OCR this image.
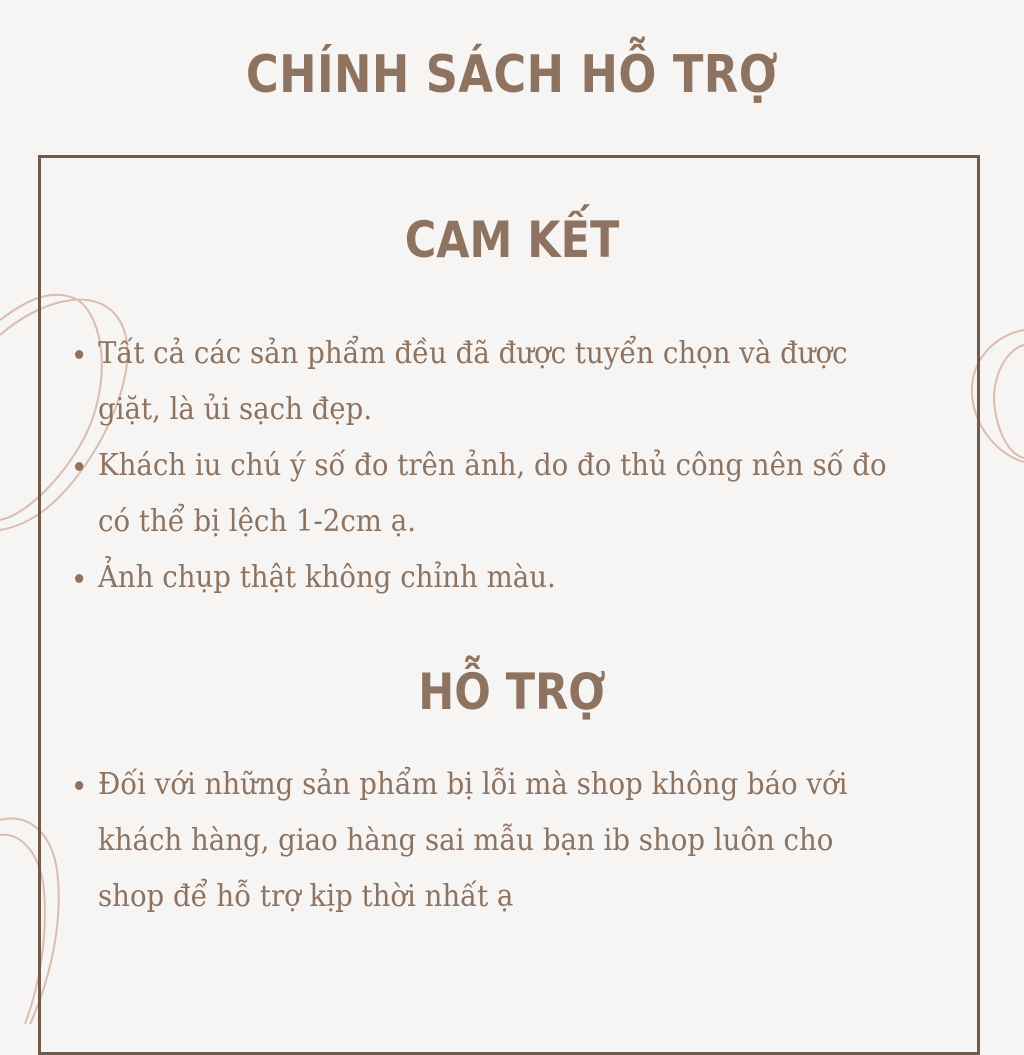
CHÍNH SÁCH HỖ TRỢ
CAM KẾT
Tất cả các sản phẩm đều đã được tuyển chọn và được giặt, là ủi sạch đẹp.
Khách iu chú ý số đo trên ảnh, do đo thủ công nên số đo có thể bị lệch 1-2cm ạ.
Ảnh chụp thật không chỉnh màu.
HỖ TRỢ
Đối với những sản phẩm bị lỗi mà shop không báo với khách hàng, giao hàng sai mẫu bạn ib shop luôn cho shop để hỗ trợ kịp thời nhất ạ
